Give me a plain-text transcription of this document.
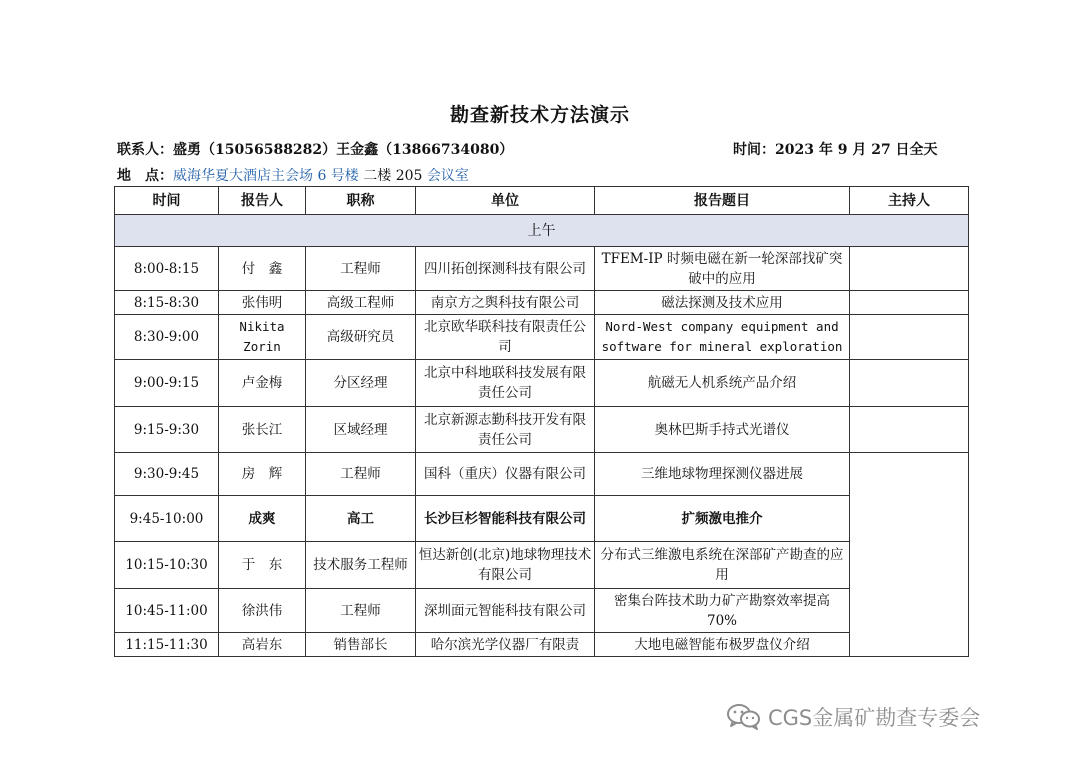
勘查新技术方法演示
联系人：盛勇（15056588282）王金鑫（13866734080）	时间：2023 年 9 月 27 日全天
地　点：威海华夏大酒店主会场 6 号楼 二楼 205 会议室
时间	报告人	职称	单位	报告题目	主持人
上午					
8:00-8:15	付　鑫	工程师	四川拓创探测科技有限公司	TFEM-IP 时频电磁在新一轮深部找矿突破中的应用	
8:15-8:30	张伟明	高级工程师	南京方之舆科技有限公司	磁法探测及技术应用	
8:30-9:00	Nikita Zorin	高级研究员	北京欧华联科技有限责任公司	Nord-West company equipment and software for mineral exploration	
9:00-9:15	卢金梅	分区经理	北京中科地联科技发展有限责任公司	航磁无人机系统产品介绍	
9:15-9:30	张长江	区域经理	北京新源志勤科技开发有限责任公司	奥林巴斯手持式光谱仪	
9:30-9:45	房　辉	工程师	国科（重庆）仪器有限公司	三维地球物理探测仪器进展	
9:45-10:00	成爽	高工	长沙巨杉智能科技有限公司	扩频激电推介	
10:15-10:30	于　东	技术服务工程师	恒达新创(北京)地球物理技术有限公司	分布式三维激电系统在深部矿产勘查的应用	
10:45-11:00	徐洪伟	工程师	深圳面元智能科技有限公司	密集台阵技术助力矿产勘察效率提高 70%	
11:15-11:30	高岩东	销售部长	哈尔滨光学仪器厂有限责	大地电磁智能布极罗盘仪介绍	
CGS金属矿勘查专委会
